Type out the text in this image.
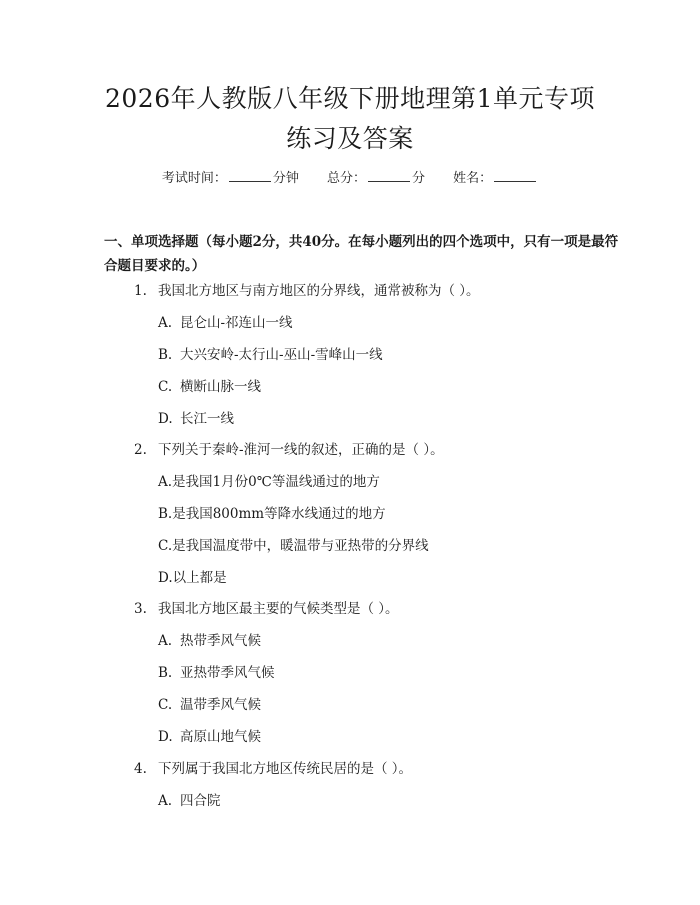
2026年人教版八年级下册地理第1单元专项
练习及答案
考试时间：	分钟 总分：	分 姓名：
一、单项选择题（每小题2分，共40分。在每小题列出的四个选项中，只有一项是最符合题目要求的。）
1. 我国北方地区与南方地区的分界线，通常被称为（ ）。
A. 昆仑山-祁连山一线
B. 大兴安岭-太行山-巫山-雪峰山一线
C. 横断山脉一线
D. 长江一线
2. 下列关于秦岭-淮河一线的叙述，正确的是（ ）。
A.是我国1月份0℃等温线通过的地方
B.是我国800mm等降水线通过的地方
C.是我国温度带中，暖温带与亚热带的分界线
D.以上都是
3. 我国北方地区最主要的气候类型是（ ）。
A. 热带季风气候
B. 亚热带季风气候
C. 温带季风气候
D. 高原山地气候
4. 下列属于我国北方地区传统民居的是（ ）。
A. 四合院
